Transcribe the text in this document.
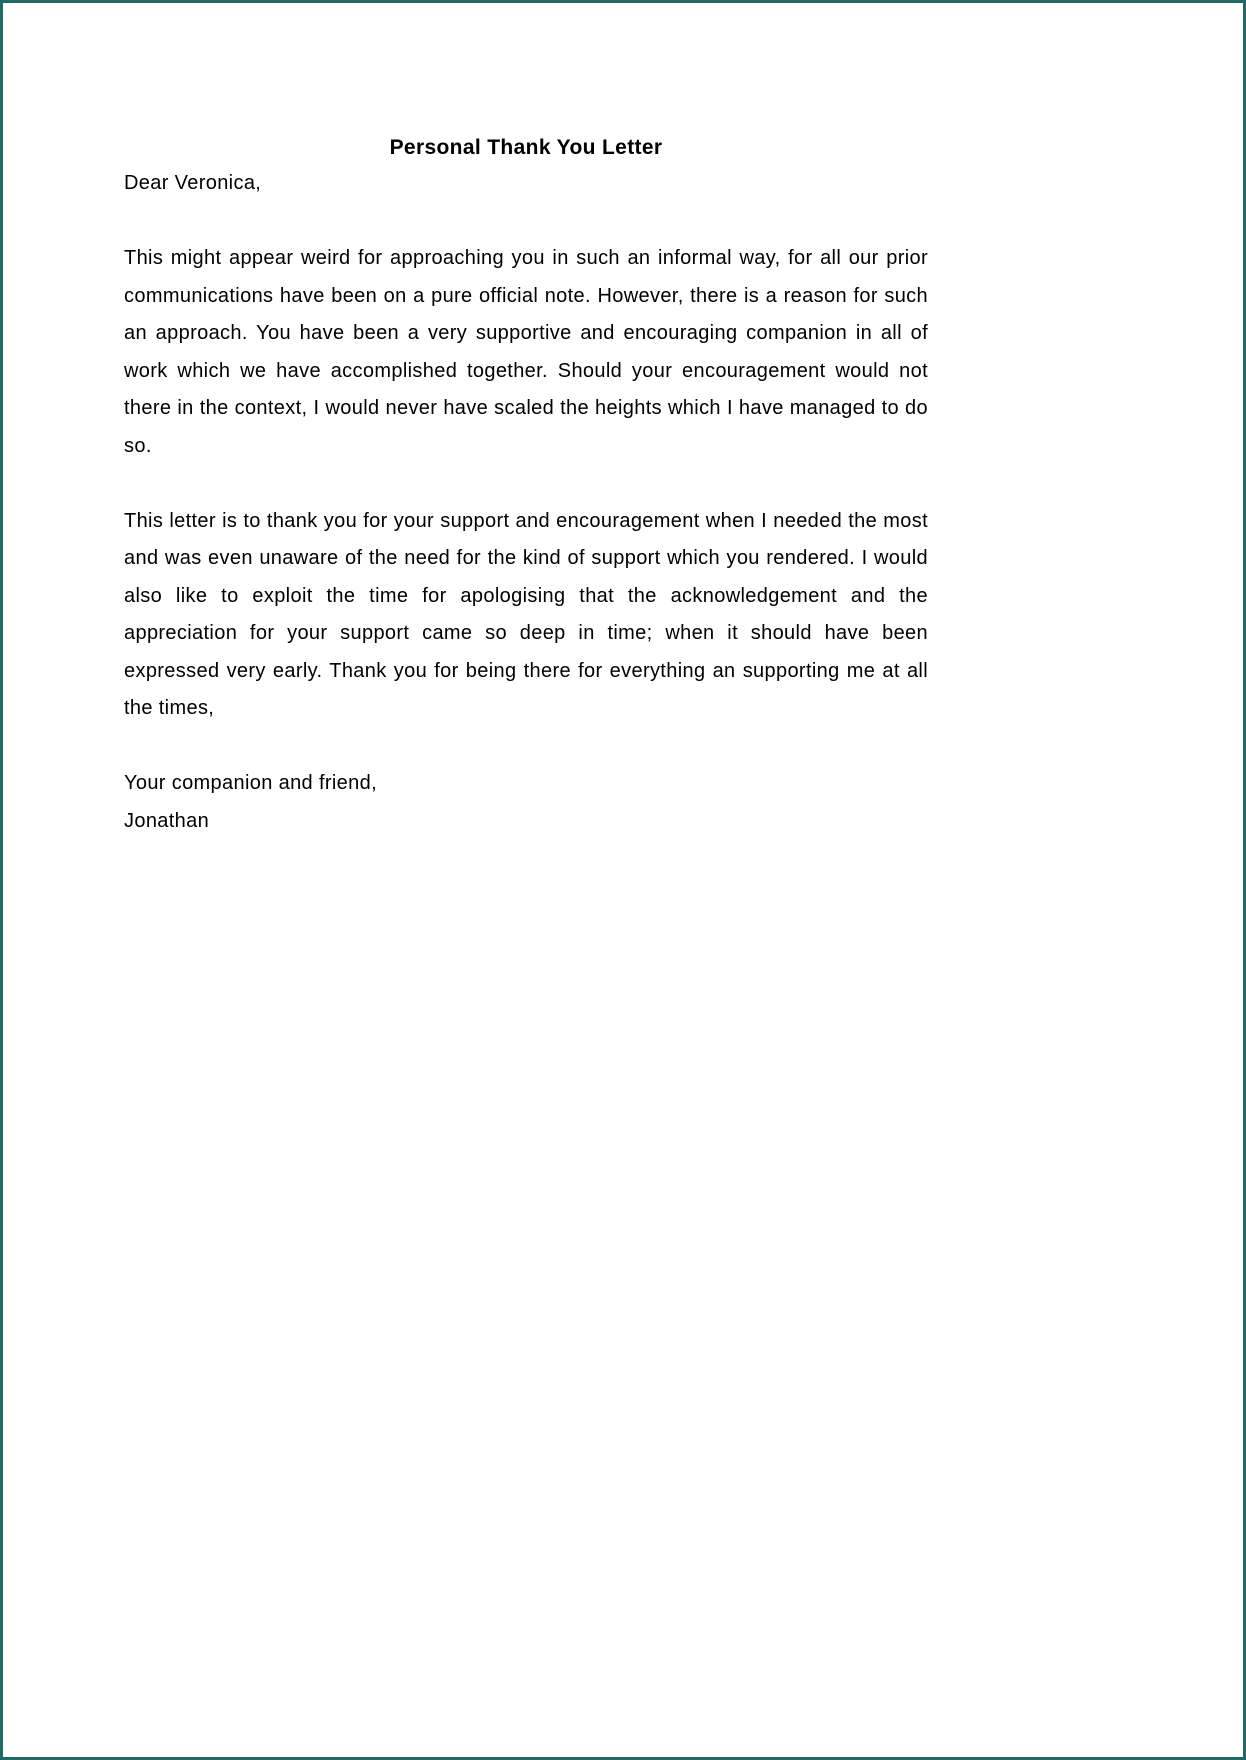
Personal Thank You Letter

Dear Veronica,

This might appear weird for approaching you in such an informal way, for all our prior communications have been on a pure official note. However, there is a reason for such an approach. You have been a very supportive and encouraging companion in all of work which we have accomplished together. Should your encouragement would not there in the context, I would never have scaled the heights which I have managed to do so.

This letter is to thank you for your support and encouragement when I needed the most and was even unaware of the need for the kind of support which you rendered. I would also like to exploit the time for apologising that the acknowledgement and the appreciation for your support came so deep in time; when it should have been expressed very early. Thank you for being there for everything an supporting me at all the times,

Your companion and friend,

Jonathan
